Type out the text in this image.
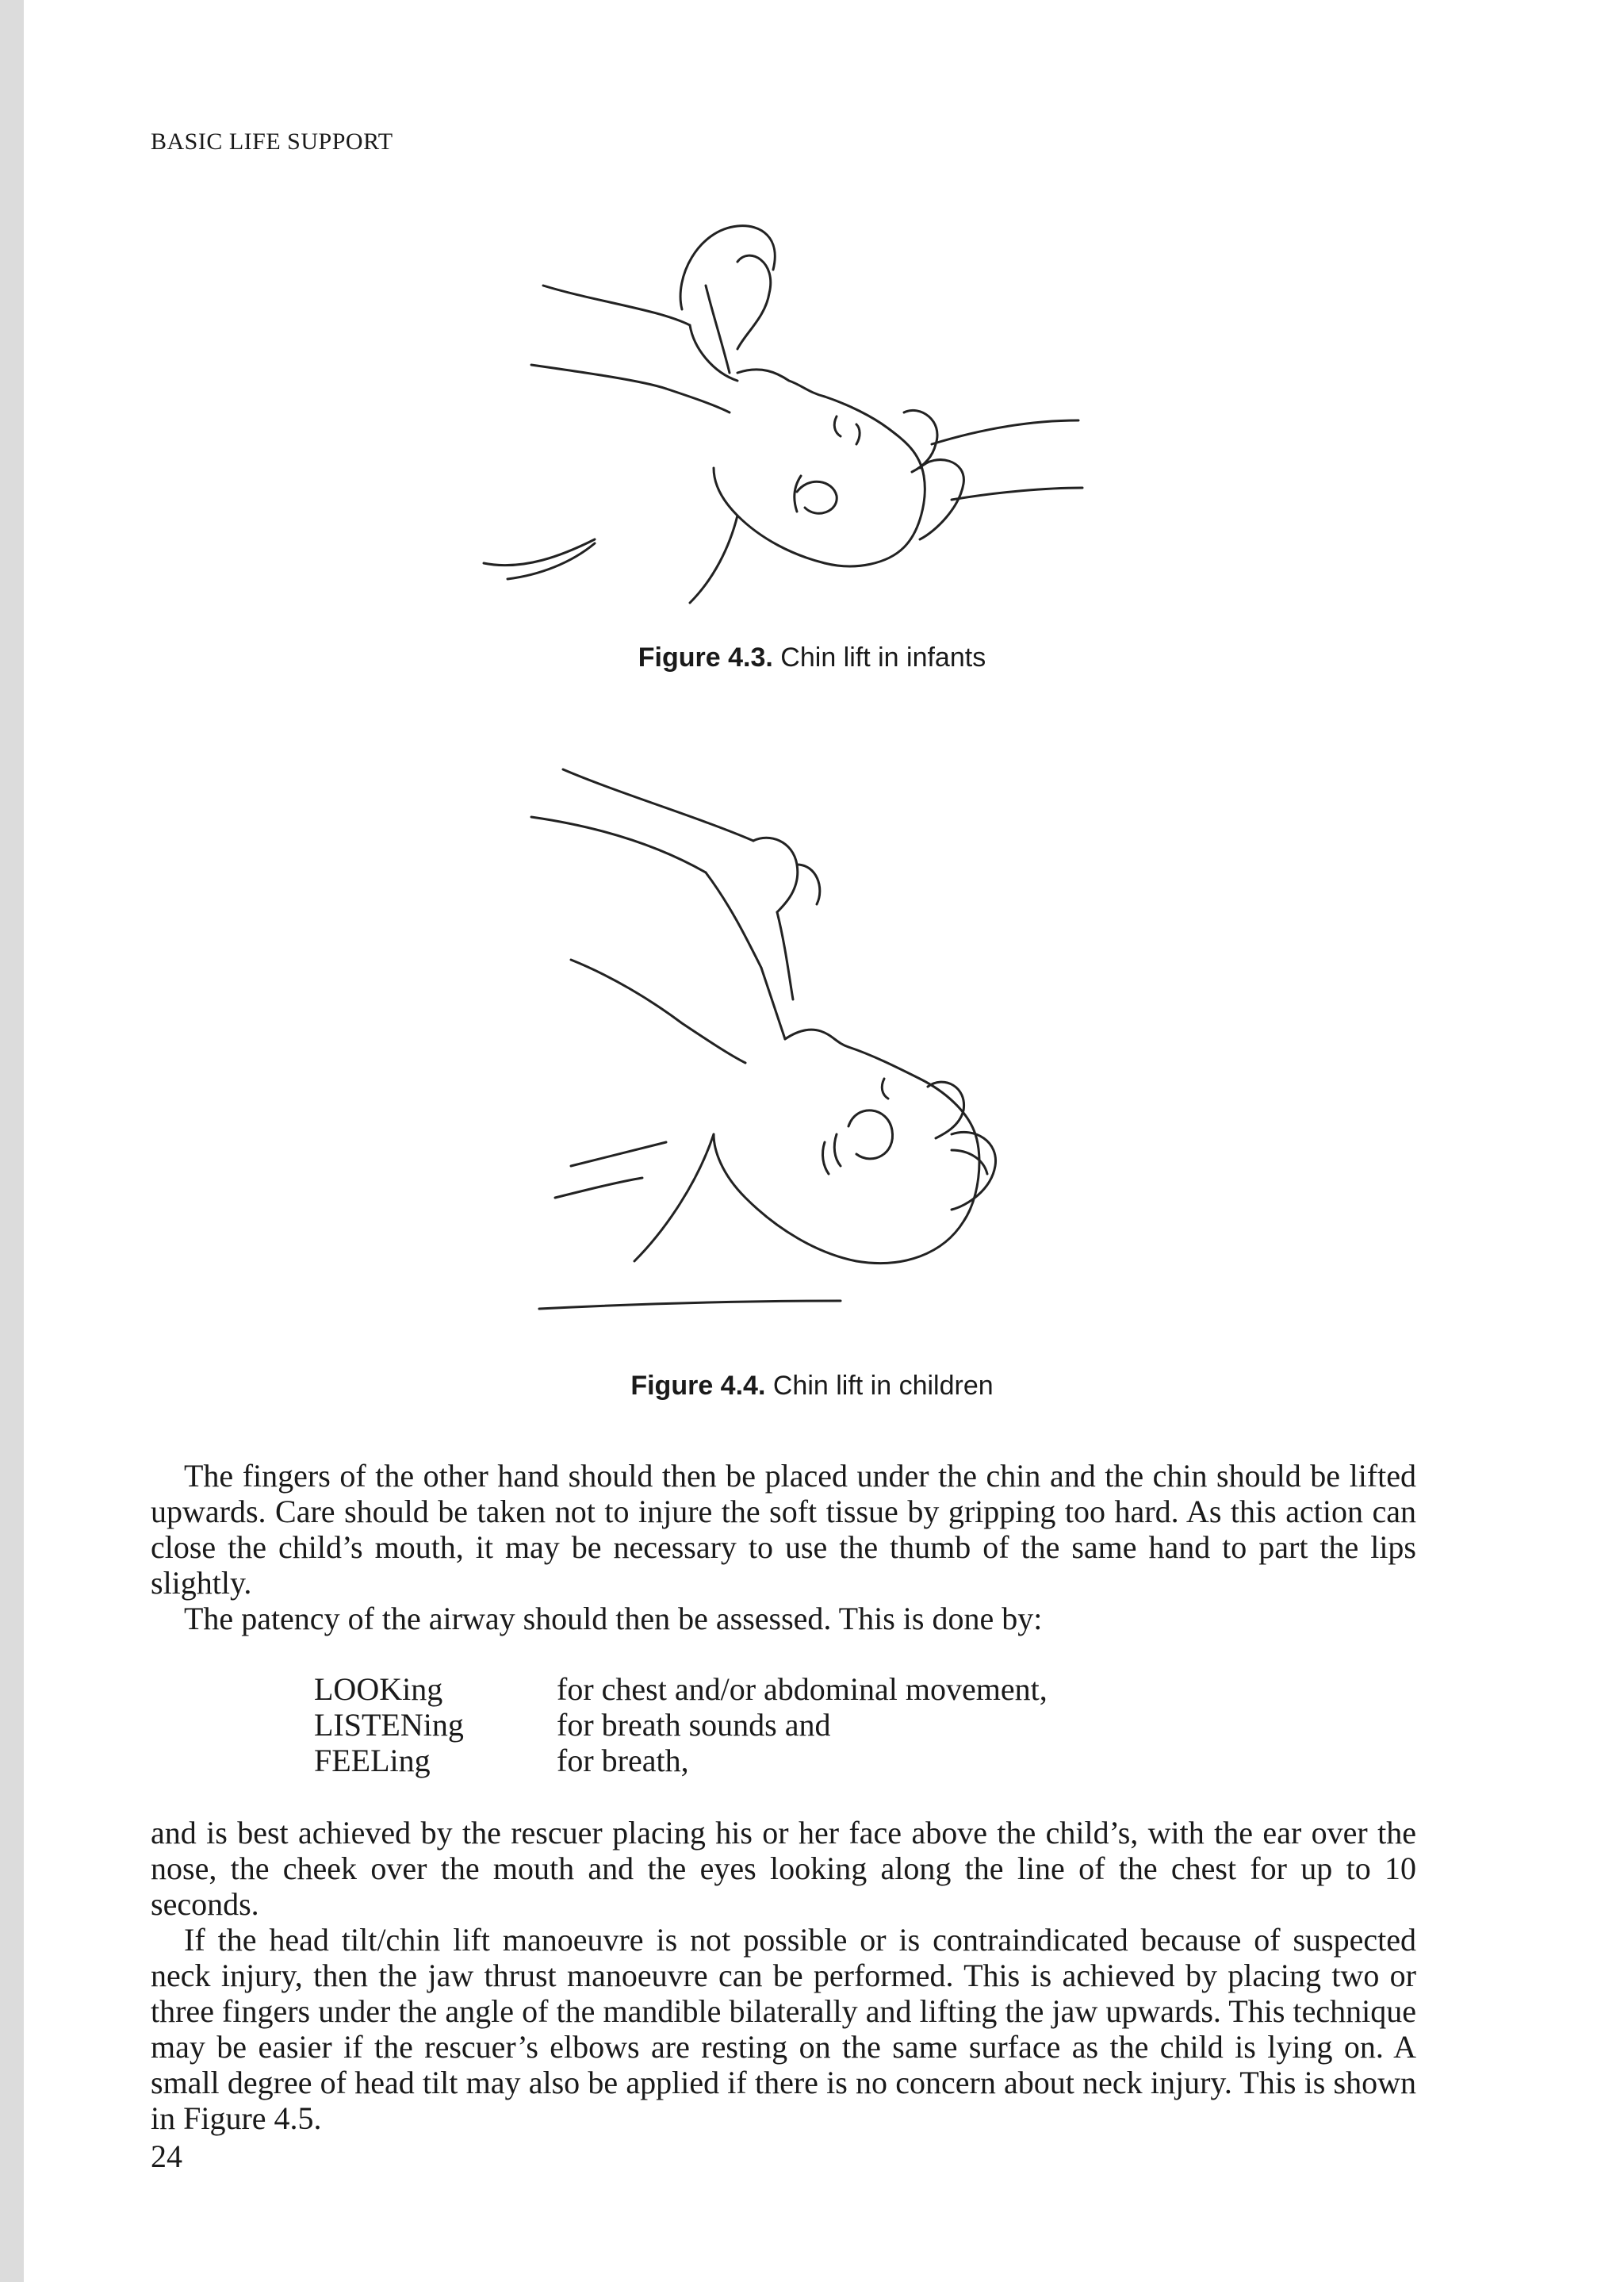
BASIC LIFE SUPPORT
Figure 4.3. Chin lift in infants
Figure 4.4. Chin lift in children

The fingers of the other hand should then be placed under the chin and the chin should be lifted upwards. Care should be taken not to injure the soft tissue by gripping too hard. As this action can close the child’s mouth, it may be necessary to use the thumb of the same hand to part the lips slightly.

The patency of the airway should then be assessed. This is done by:

LOOKing	for chest and/or abdominal movement,
LISTENing	for breath sounds and
FEELing	for breath,

and is best achieved by the rescuer placing his or her face above the child’s, with the ear over the nose, the cheek over the mouth and the eyes looking along the line of the chest for up to 10 seconds.

If the head tilt/chin lift manoeuvre is not possible or is contraindicated because of suspected neck injury, then the jaw thrust manoeuvre can be performed. This is achieved by placing two or three fingers under the angle of the mandible bilaterally and lifting the jaw upwards. This technique may be easier if the rescuer’s elbows are resting on the same surface as the child is lying on. A small degree of head tilt may also be applied if there is no concern about neck injury. This is shown in Figure 4.5.

24
